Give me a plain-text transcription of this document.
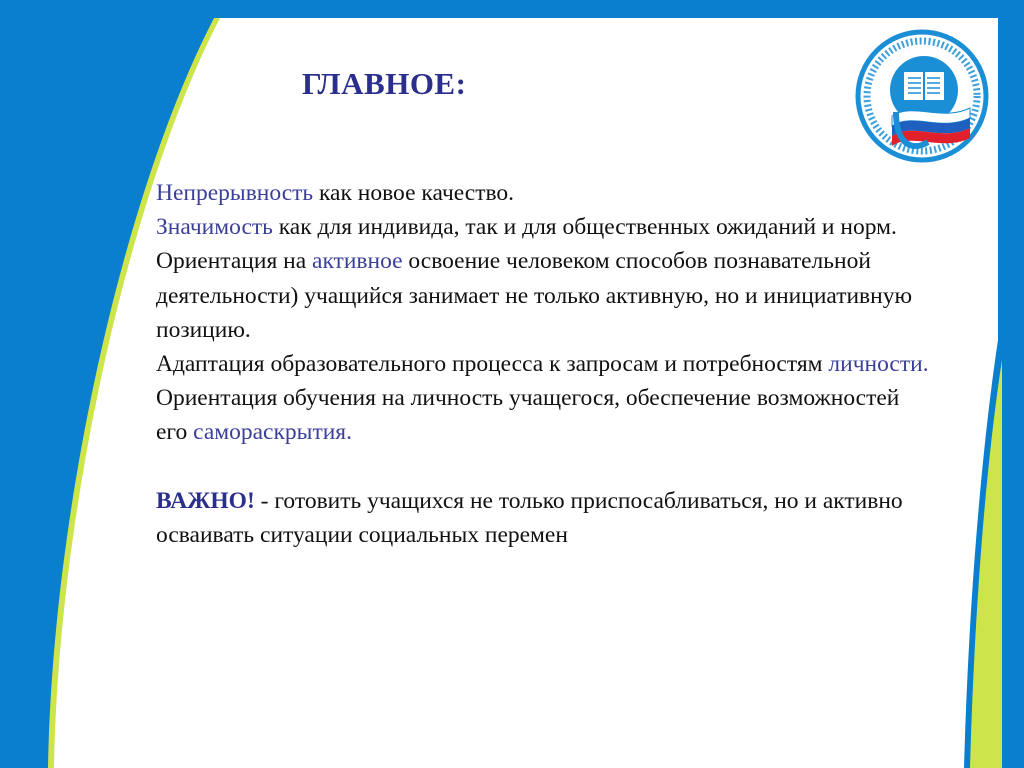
ГЛАВНОЕ:

Непрерывность как новое качество.

Значимость как для индивида, так и для общественных ожиданий и норм.

Ориентация на активное освоение человеком способов познавательной деятельности) учащийся занимает не только активную, но и инициативную позицию.

Адаптация образовательного процесса к запросам и потребностям личности.

Ориентация обучения на личность учащегося, обеспечение возможностей его самораскрытия.

ВАЖНО! - готовить учащихся не только приспосабливаться, но и активно осваивать ситуации социальных перемен
